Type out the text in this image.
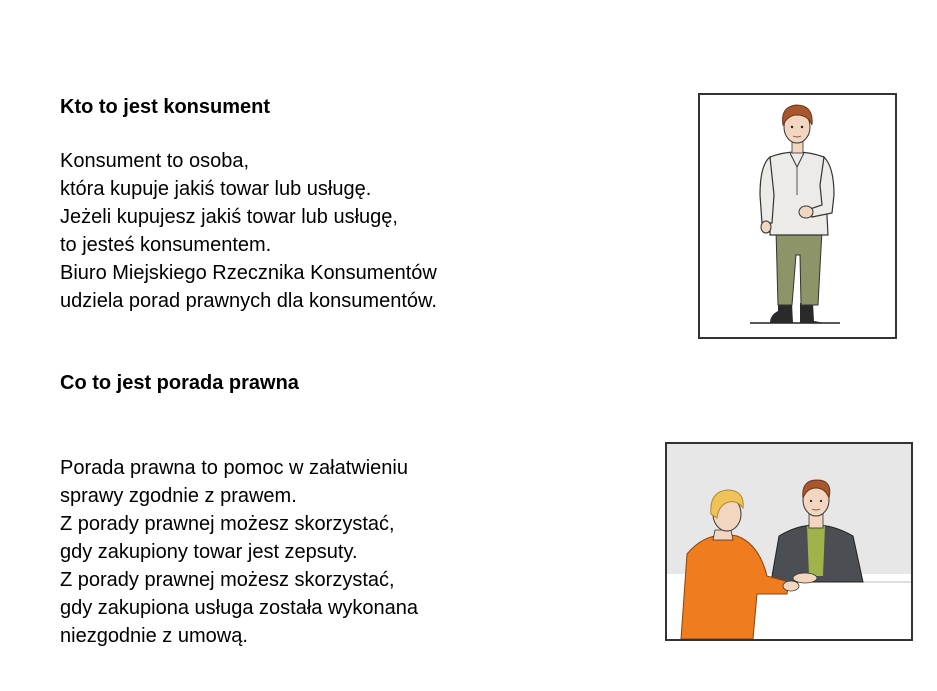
Kto to jest konsument

Konsument to osoba,
która kupuje jakiś towar lub usługę.
Jeżeli kupujesz jakiś towar lub usługę,
to jesteś konsumentem.
Biuro Miejskiego Rzecznika Konsumentów
udziela porad prawnych dla konsumentów.

Co to jest porada prawna

Porada prawna to pomoc w załatwieniu
sprawy zgodnie z prawem.
Z porady prawnej możesz skorzystać,
gdy zakupiony towar jest zepsuty.
Z porady prawnej możesz skorzystać,
gdy zakupiona usługa została wykonana
niezgodnie z umową.
